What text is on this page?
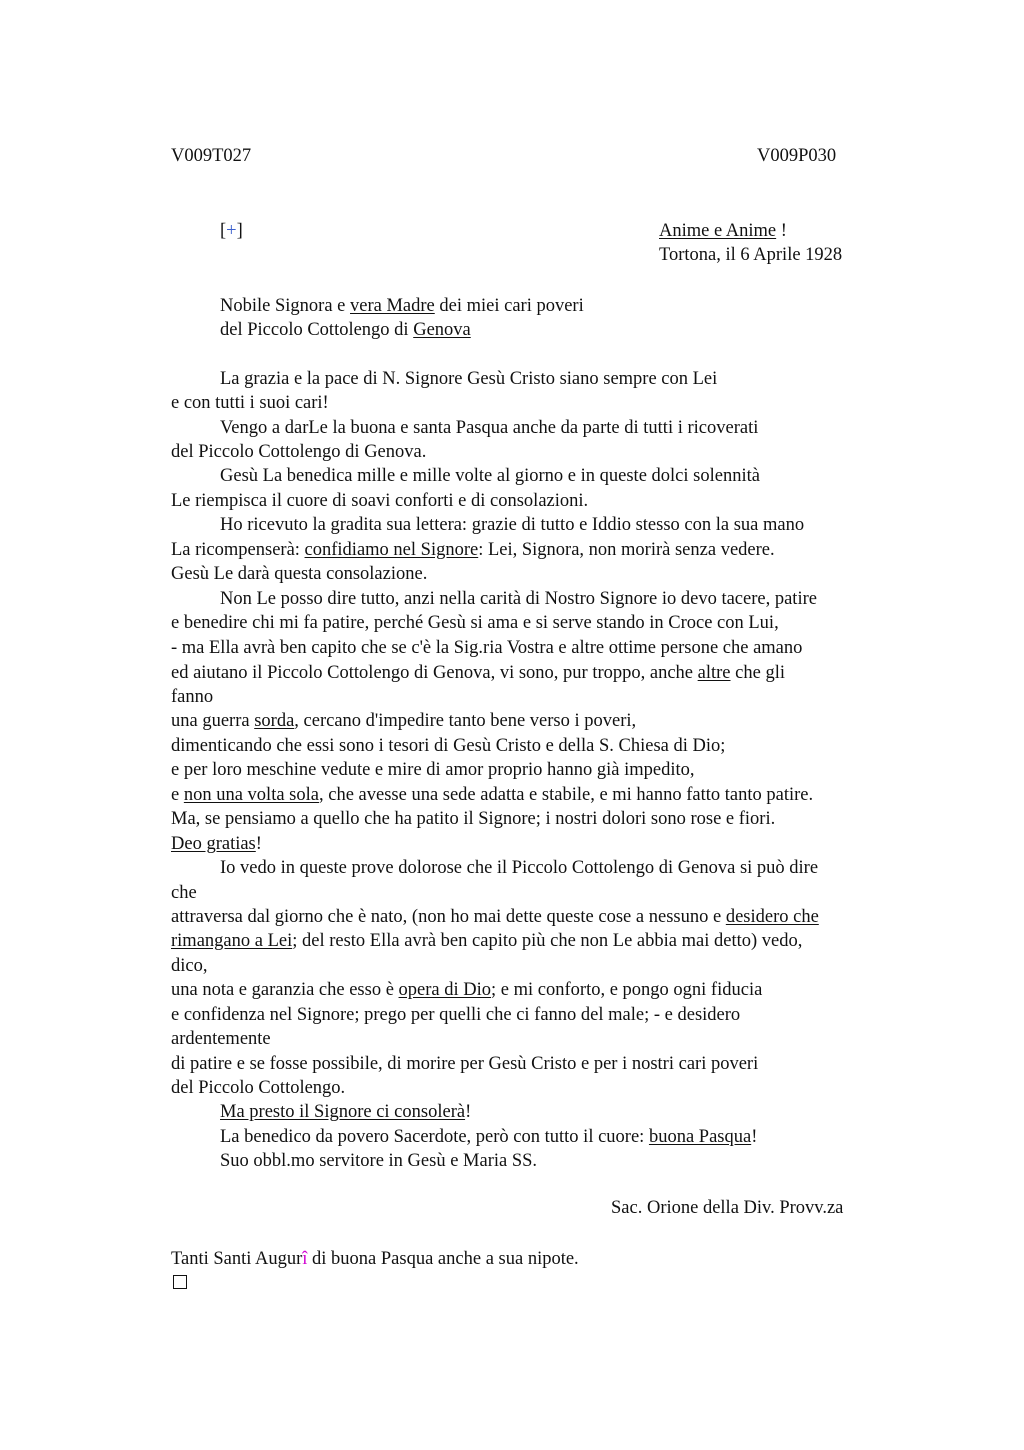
V009T027	V009P030
[+]	Anime e Anime !
Tortona, il 6 Aprile 1928
Nobile Signora e vera Madre dei miei cari poveri
del Piccolo Cottolengo di Genova
La grazia e la pace di N. Signore Gesù Cristo siano sempre con Lei
e con tutti i suoi cari!
Vengo a darLe la buona e santa Pasqua anche da parte di tutti i ricoverati
del Piccolo Cottolengo di Genova.
Gesù La benedica mille e mille volte al giorno e in queste dolci solennità
Le riempisca il cuore di soavi conforti e di consolazioni.
Ho ricevuto la gradita sua lettera: grazie di tutto e Iddio stesso con la sua mano
La ricompenserà: confidiamo nel Signore: Lei, Signora, non morirà senza vedere.
Gesù Le darà questa consolazione.
Non Le posso dire tutto, anzi nella carità di Nostro Signore io devo tacere, patire
e benedire chi mi fa patire, perché Gesù si ama e si serve stando in Croce con Lui,
- ma Ella avrà ben capito che se c'è la Sig.ria Vostra e altre ottime persone che amano
ed aiutano il Piccolo Cottolengo di Genova, vi sono, pur troppo, anche altre che gli
fanno
una guerra sorda, cercano d'impedire tanto bene verso i poveri,
dimenticando che essi sono i tesori di Gesù Cristo e della S. Chiesa di Dio;
e per loro meschine vedute e mire di amor proprio hanno già impedito,
e non una volta sola, che avesse una sede adatta e stabile, e mi hanno fatto tanto patire.
Ma, se pensiamo a quello che ha patito il Signore; i nostri dolori sono rose e fiori.
Deo gratias!
Io vedo in queste prove dolorose che il Piccolo Cottolengo di Genova si può dire
che
attraversa dal giorno che è nato, (non ho mai dette queste cose a nessuno e desidero che
rimangano a Lei; del resto Ella avrà ben capito più che non Le abbia mai detto) vedo,
dico,
una nota e garanzia che esso è opera di Dio; e mi conforto, e pongo ogni fiducia
e confidenza nel Signore; prego per quelli che ci fanno del male; - e desidero
ardentemente
di patire e se fosse possibile, di morire per Gesù Cristo e per i nostri cari poveri
del Piccolo Cottolengo.
Ma presto il Signore ci consolerà!
La benedico da povero Sacerdote, però con tutto il cuore: buona Pasqua!
Suo obbl.mo servitore in Gesù e Maria SS.
Sac. Orione della Div. Provv.za
Tanti Santi Augurî di buona Pasqua anche a sua nipote.
